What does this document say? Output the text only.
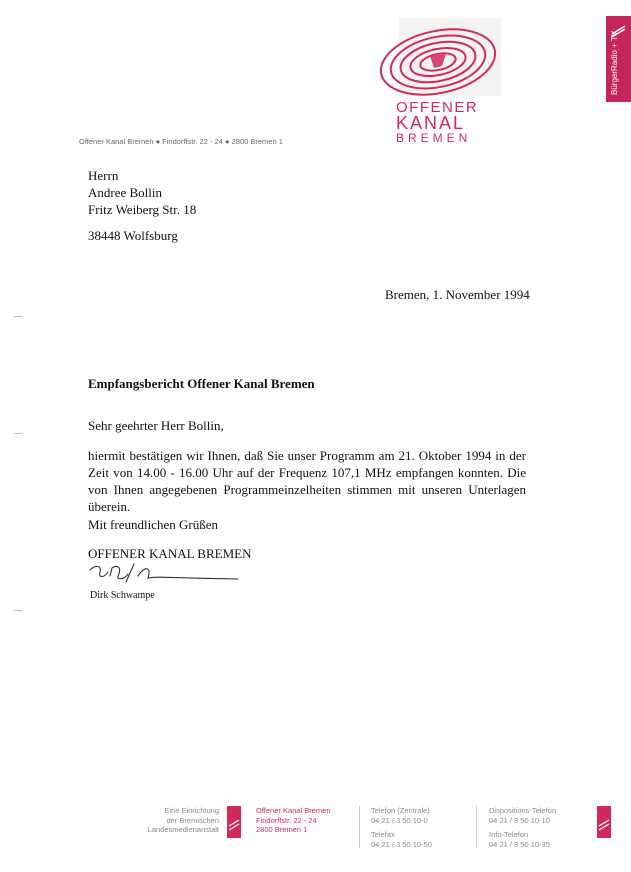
OFFENER
KANAL
BREMEN
BürgerRadio + TV
Offener Kanal Bremen ● Findorffstr. 22 - 24 ● 2800 Bremen 1
Herrn
Andree Bollin
Fritz Weiberg Str. 18
38448 Wolfsburg
Bremen, 1. November 1994
Empfangsbericht Offener Kanal Bremen
Sehr geehrter Herr Bollin,
hiermit bestätigen wir Ihnen, daß Sie unser Programm am 21. Oktober 1994 in der Zeit von 14.00 - 16.00 Uhr auf der Frequenz 107,1 MHz empfangen konnten. Die von Ihnen angegebenen Programmeinzelheiten stimmen mit unseren Unterlagen überein.
Mit freundlichen Grüßen
OFFENER KANAL BREMEN
Dirk Schwampe
Eine Einrichtung
der Bremischen
Landesmedienanstalt
Offener Kanal Bremen
Findorffstr. 22 - 24
2800 Bremen 1
Telefon (Zentrale)
04 21 / 3 50 10-0
Telefax
04 21 / 3 50 10-50
Dispositions-Telefon
04 21 / 3 50 10-10
Info-Telefon
04 21 / 3 50 10-35
